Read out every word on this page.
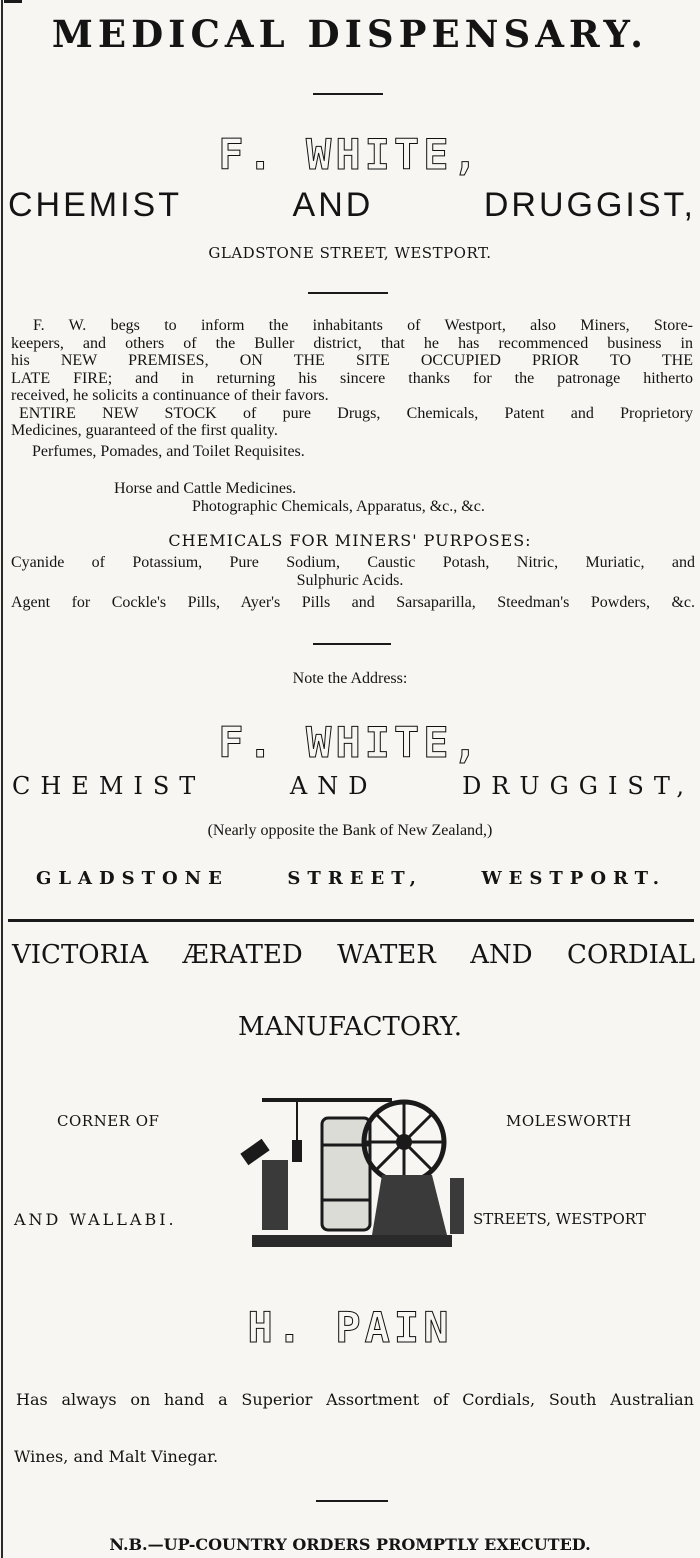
MEDICAL DISPENSARY.
F. WHITE,
CHEMIST	AND	DRUGGIST,
GLADSTONE STREET, WESTPORT.
F. W. begs to inform the inhabitants of Westport, also Miners, Store-
keepers, and others of the Buller district, that he has recommenced business in
his NEW PREMISES, ON THE SITE OCCUPIED PRIOR TO THE
LATE FIRE; and in returning his sincere thanks for the patronage hitherto
received, he solicits a continuance of their favors.
ENTIRE NEW STOCK of pure Drugs, Chemicals, Patent and Proprietory
Medicines, guaranteed of the first quality.
Perfumes, Pomades, and Toilet Requisites.
Horse and Cattle Medicines.
Photographic Chemicals, Apparatus, &c., &c.
CHEMICALS FOR MINERS' PURPOSES:
Cyanide of Potassium, Pure Sodium, Caustic Potash, Nitric, Muriatic, and
Sulphuric Acids.
Agent for Cockle's Pills, Ayer's Pills and Sarsaparilla, Steedman's Powders, &c.
Note the Address:
F. WHITE,
CHEMIST	AND	DRUGGIST,
(Nearly opposite the Bank of New Zealand,)
GLADSTONE	STREET,	WESTPORT.
VICTORIA ÆRATED WATER AND CORDIAL
MANUFACTORY.
CORNER OF	MOLESWORTH
AND WALLABI.	STREETS, WESTPORT
H. PAIN
Has always on hand a Superior Assortment of Cordials, South Australian
Wines, and Malt Vinegar.
N.B.—UP-COUNTRY ORDERS PROMPTLY EXECUTED.
